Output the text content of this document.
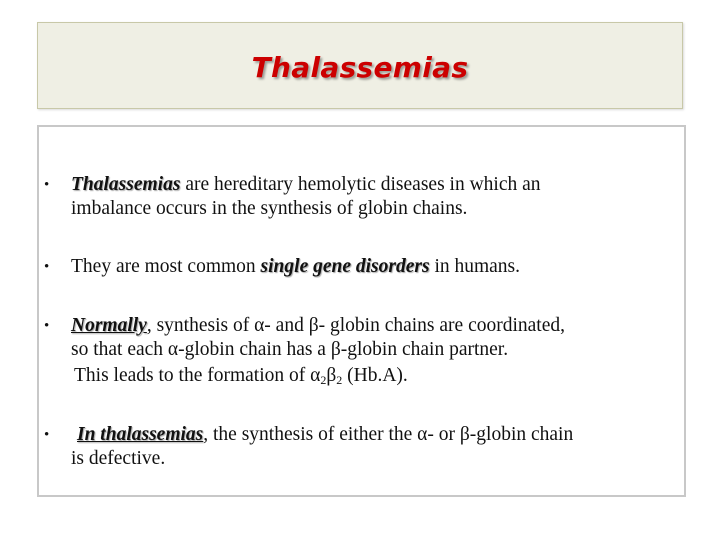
Thalassemias
• Thalassemias are hereditary hemolytic diseases in which an
imbalance occurs in the synthesis of globin chains.
• They are most common single gene disorders in humans.
• Normally, synthesis of α- and β- globin chains are coordinated,
so that each α-globin chain has a β-globin chain partner.
This leads to the formation of $\alpha_2\beta_2$ (Hb.A).
•	In thalassemias, the synthesis of either the α- or β-globin chain
is defective.
